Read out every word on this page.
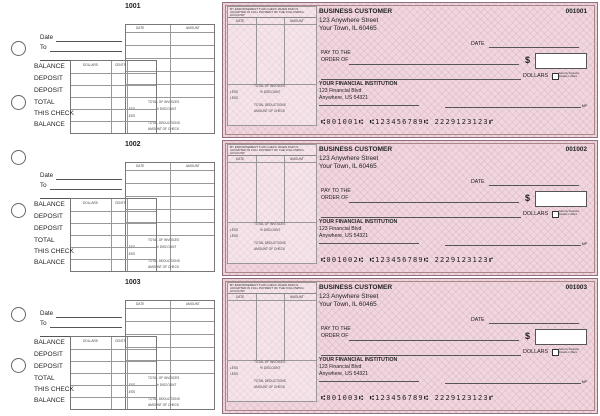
1001
Date
To
DATE	AMOUNT
TOTAL OF INVOICES
LESS	% DISCOUNT
LESS
TOTAL DEDUCTIONS
AMOUNT OF CHECK
DOLLARS	CENTS
BALANCE
DEPOSIT
DEPOSIT
TOTAL
THIS CHECK
BALANCE
BY ENDORSEMENT THIS CHECK WHEN PAID IS ACCEPTED IN FULL PAYMENT OF THE FOLLOWING ACCOUNT
DATE	AMOUNT
TOTAL OF INVOICES
LESS	% DISCOUNT
LESS
TOTAL DEDUCTIONS
AMOUNT OF CHECK
BUSINESS CUSTOMER
123 Anywhere Street
Your Town, IL 60465
001001
DATE
PAY TO THE
ORDER OF	$
DOLLARS	Security Features Details on Back
YOUR FINANCIAL INSTITUTION
123 Financial Blvd
Anywhere, US 54321
MP
⑆001001⑆ ⑆123456789⑆ 2229123123⑈
1002
Date
To
DATE	AMOUNT
TOTAL OF INVOICES
LESS	% DISCOUNT
LESS
TOTAL DEDUCTIONS
AMOUNT OF CHECK
DOLLARS	CENTS
BALANCE
DEPOSIT
DEPOSIT
TOTAL
THIS CHECK
BALANCE
BY ENDORSEMENT THIS CHECK WHEN PAID IS ACCEPTED IN FULL PAYMENT OF THE FOLLOWING ACCOUNT
DATE	AMOUNT
TOTAL OF INVOICES
LESS	% DISCOUNT
LESS
TOTAL DEDUCTIONS
AMOUNT OF CHECK
BUSINESS CUSTOMER
123 Anywhere Street
Your Town, IL 60465
001002
DATE
PAY TO THE
ORDER OF	$
DOLLARS	Security Features Details on Back
YOUR FINANCIAL INSTITUTION
123 Financial Blvd
Anywhere, US 54321
MP
⑆001002⑆ ⑆123456789⑆ 2229123123⑈
1003
Date
To
DATE	AMOUNT
TOTAL OF INVOICES
LESS	% DISCOUNT
LESS
TOTAL DEDUCTIONS
AMOUNT OF CHECK
DOLLARS	CENTS
BALANCE
DEPOSIT
DEPOSIT
TOTAL
THIS CHECK
BALANCE
BY ENDORSEMENT THIS CHECK WHEN PAID IS ACCEPTED IN FULL PAYMENT OF THE FOLLOWING ACCOUNT
DATE	AMOUNT
TOTAL OF INVOICES
LESS	% DISCOUNT
LESS
TOTAL DEDUCTIONS
AMOUNT OF CHECK
BUSINESS CUSTOMER
123 Anywhere Street
Your Town, IL 60465
001003
DATE
PAY TO THE
ORDER OF	$
DOLLARS	Security Features Details on Back
YOUR FINANCIAL INSTITUTION
123 Financial Blvd
Anywhere, US 54321
MP
⑆001003⑆ ⑆123456789⑆ 2229123123⑈
